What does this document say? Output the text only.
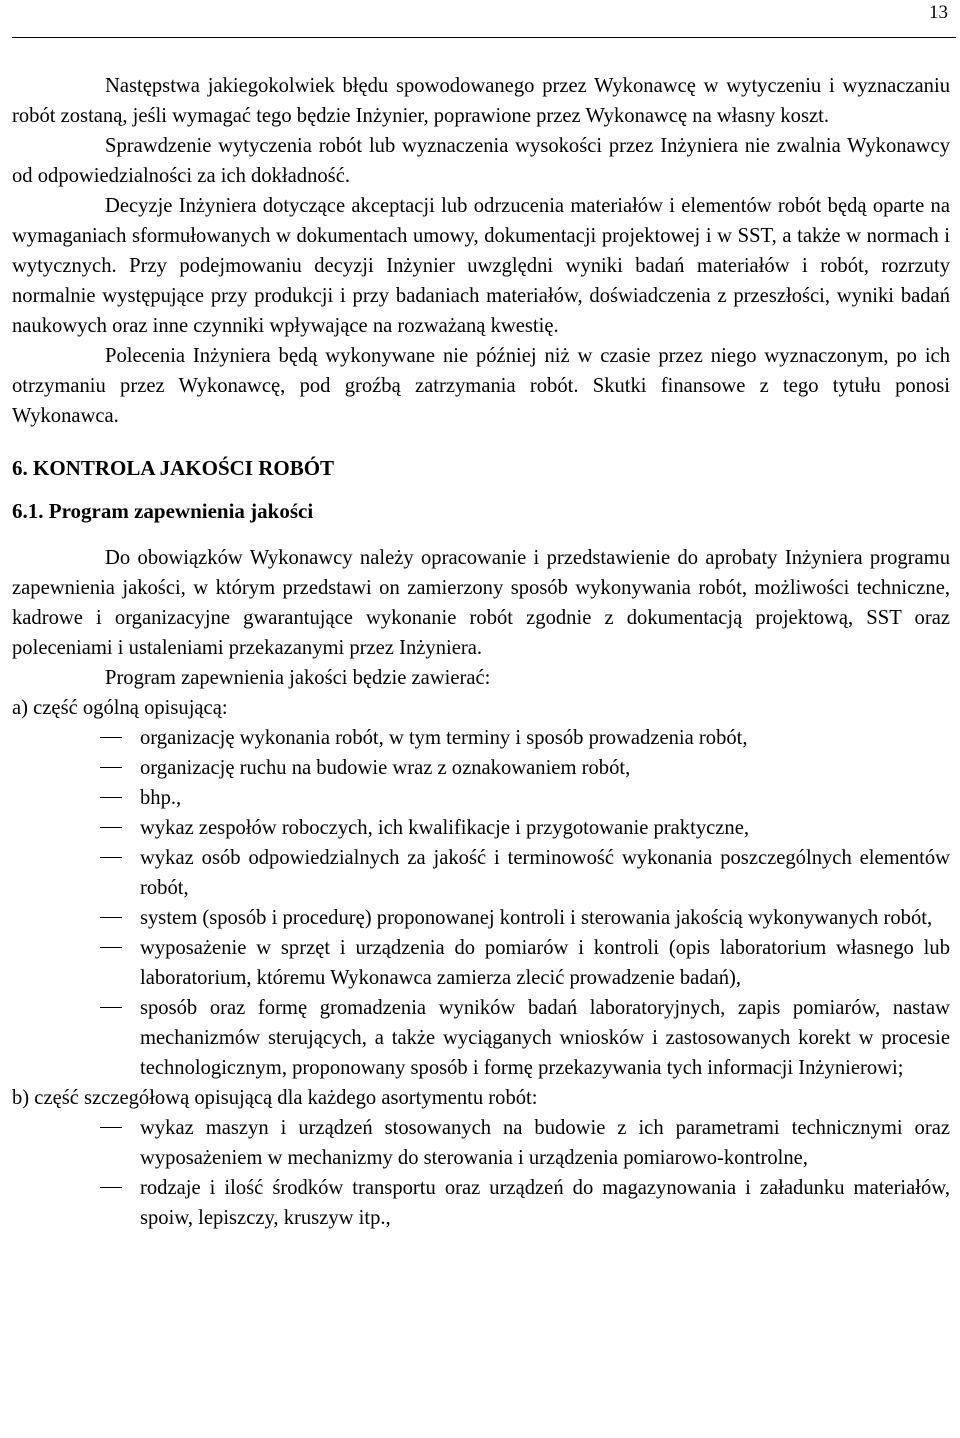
13

Następstwa jakiegokolwiek błędu spowodowanego przez Wykonawcę w wytyczeniu i wyznaczaniu robót zostaną, jeśli wymagać tego będzie Inżynier, poprawione przez Wykonawcę na własny koszt.

Sprawdzenie wytyczenia robót lub wyznaczenia wysokości przez Inżyniera nie zwalnia Wykonawcy od odpowiedzialności za ich dokładność.

Decyzje Inżyniera dotyczące akceptacji lub odrzucenia materiałów i elementów robót będą oparte na wymaganiach sformułowanych w dokumentach umowy, dokumentacji projektowej i w SST, a także w normach i wytycznych. Przy podejmowaniu decyzji Inżynier uwzględni wyniki badań materiałów i robót, rozrzuty normalnie występujące przy produkcji i przy badaniach materiałów, doświadczenia z przeszłości, wyniki badań naukowych oraz inne czynniki wpływające na rozważaną kwestię.

Polecenia Inżyniera będą wykonywane nie później niż w czasie przez niego wyznaczonym, po ich otrzymaniu przez Wykonawcę, pod groźbą zatrzymania robót. Skutki finansowe z tego tytułu ponosi Wykonawca.

6. KONTROLA JAKOŚCI ROBÓT
6.1. Program zapewnienia jakości

Do obowiązków Wykonawcy należy opracowanie i przedstawienie do aprobaty Inżyniera programu zapewnienia jakości, w którym przedstawi on zamierzony sposób wykonywania robót, możliwości techniczne, kadrowe i organizacyjne gwarantujące wykonanie robót zgodnie z dokumentacją projektową, SST oraz poleceniami i ustaleniami przekazanymi przez Inżyniera.

Program zapewnienia jakości będzie zawierać:

a) część ogólną opisującą:

organizację wykonania robót, w tym terminy i sposób prowadzenia robót,
organizację ruchu na budowie wraz z oznakowaniem robót,
bhp.,
wykaz zespołów roboczych, ich kwalifikacje i przygotowanie praktyczne,
wykaz osób odpowiedzialnych za jakość i terminowość wykonania poszczególnych elementów robót,
system (sposób i procedurę) proponowanej kontroli i sterowania jakością wykonywanych robót,
wyposażenie w sprzęt i urządzenia do pomiarów i kontroli (opis laboratorium własnego lub laboratorium, któremu Wykonawca zamierza zlecić prowadzenie badań),
sposób oraz formę gromadzenia wyników badań laboratoryjnych, zapis pomiarów, nastaw mechanizmów sterujących, a także wyciąganych wniosków i zastosowanych korekt w procesie technologicznym, proponowany sposób i formę przekazywania tych informacji Inżynierowi;

b) część szczegółową opisującą dla każdego asortymentu robót:

wykaz maszyn i urządzeń stosowanych na budowie z ich parametrami technicznymi oraz wyposażeniem w mechanizmy do sterowania i urządzenia pomiarowo-kontrolne,
rodzaje i ilość środków transportu oraz urządzeń do magazynowania i załadunku materiałów, spoiw, lepiszczy, kruszyw itp.,
